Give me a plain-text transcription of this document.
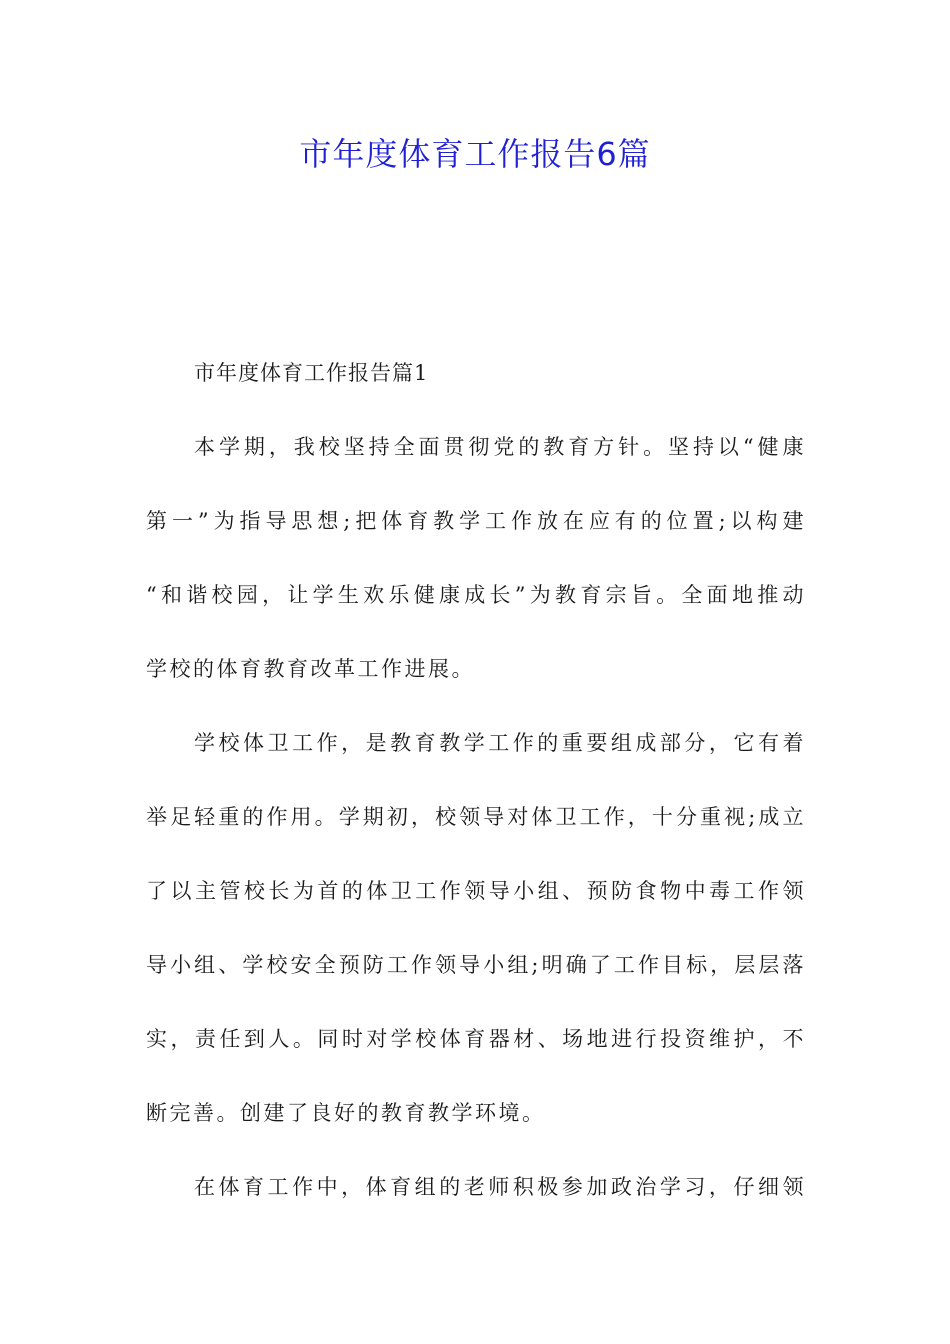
市年度体育工作报告6篇

市年度体育工作报告篇1

本学期，我校坚持全面贯彻党的教育方针。坚持以“健康
第一”为指导思想;把体育教学工作放在应有的位置;以构建
“和谐校园，让学生欢乐健康成长”为教育宗旨。全面地推动
学校的体育教育改革工作进展。
学校体卫工作，是教育教学工作的重要组成部分，它有着
举足轻重的作用。学期初，校领导对体卫工作，十分重视;成立
了以主管校长为首的体卫工作领导小组、预防食物中毒工作领
导小组、学校安全预防工作领导小组;明确了工作目标，层层落
实，责任到人。同时对学校体育器材、场地进行投资维护，不
断完善。创建了良好的教育教学环境。
在体育工作中，体育组的老师积极参加政治学习，仔细领
